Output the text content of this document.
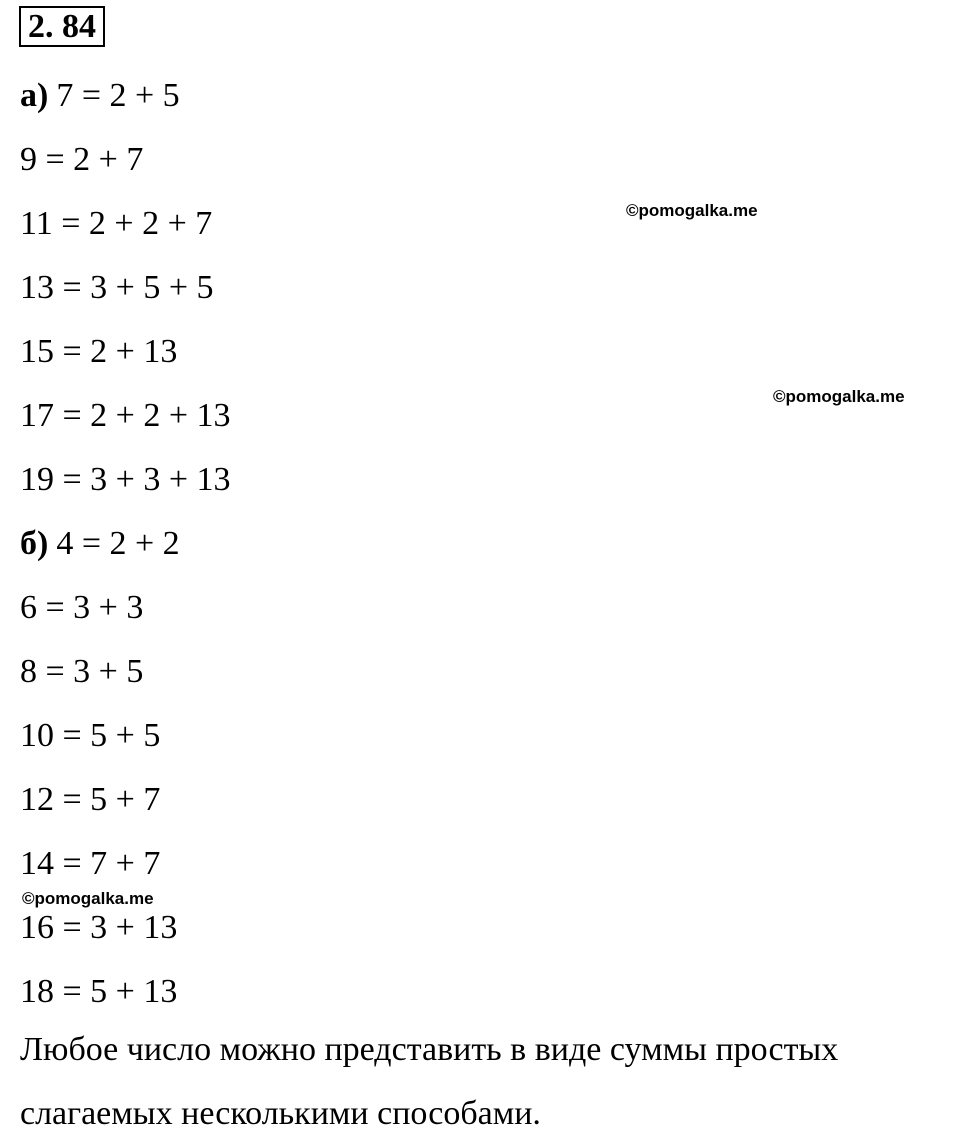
2. 84
а) 7 = 2 + 5
9 = 2 + 7
11 = 2 + 2 + 7
13 = 3 + 5 + 5
15 = 2 + 13
17 = 2 + 2 + 13
19 = 3 + 3 + 13
б) 4 = 2 + 2
6 = 3 + 3
8 = 3 + 5
10 = 5 + 5
12 = 5 + 7
14 = 7 + 7
16 = 3 + 13
18 = 5 + 13
Любое число можно представить в виде суммы простых
слагаемых несколькими способами.
©pomogalka.me
©pomogalka.me
©pomogalka.me
